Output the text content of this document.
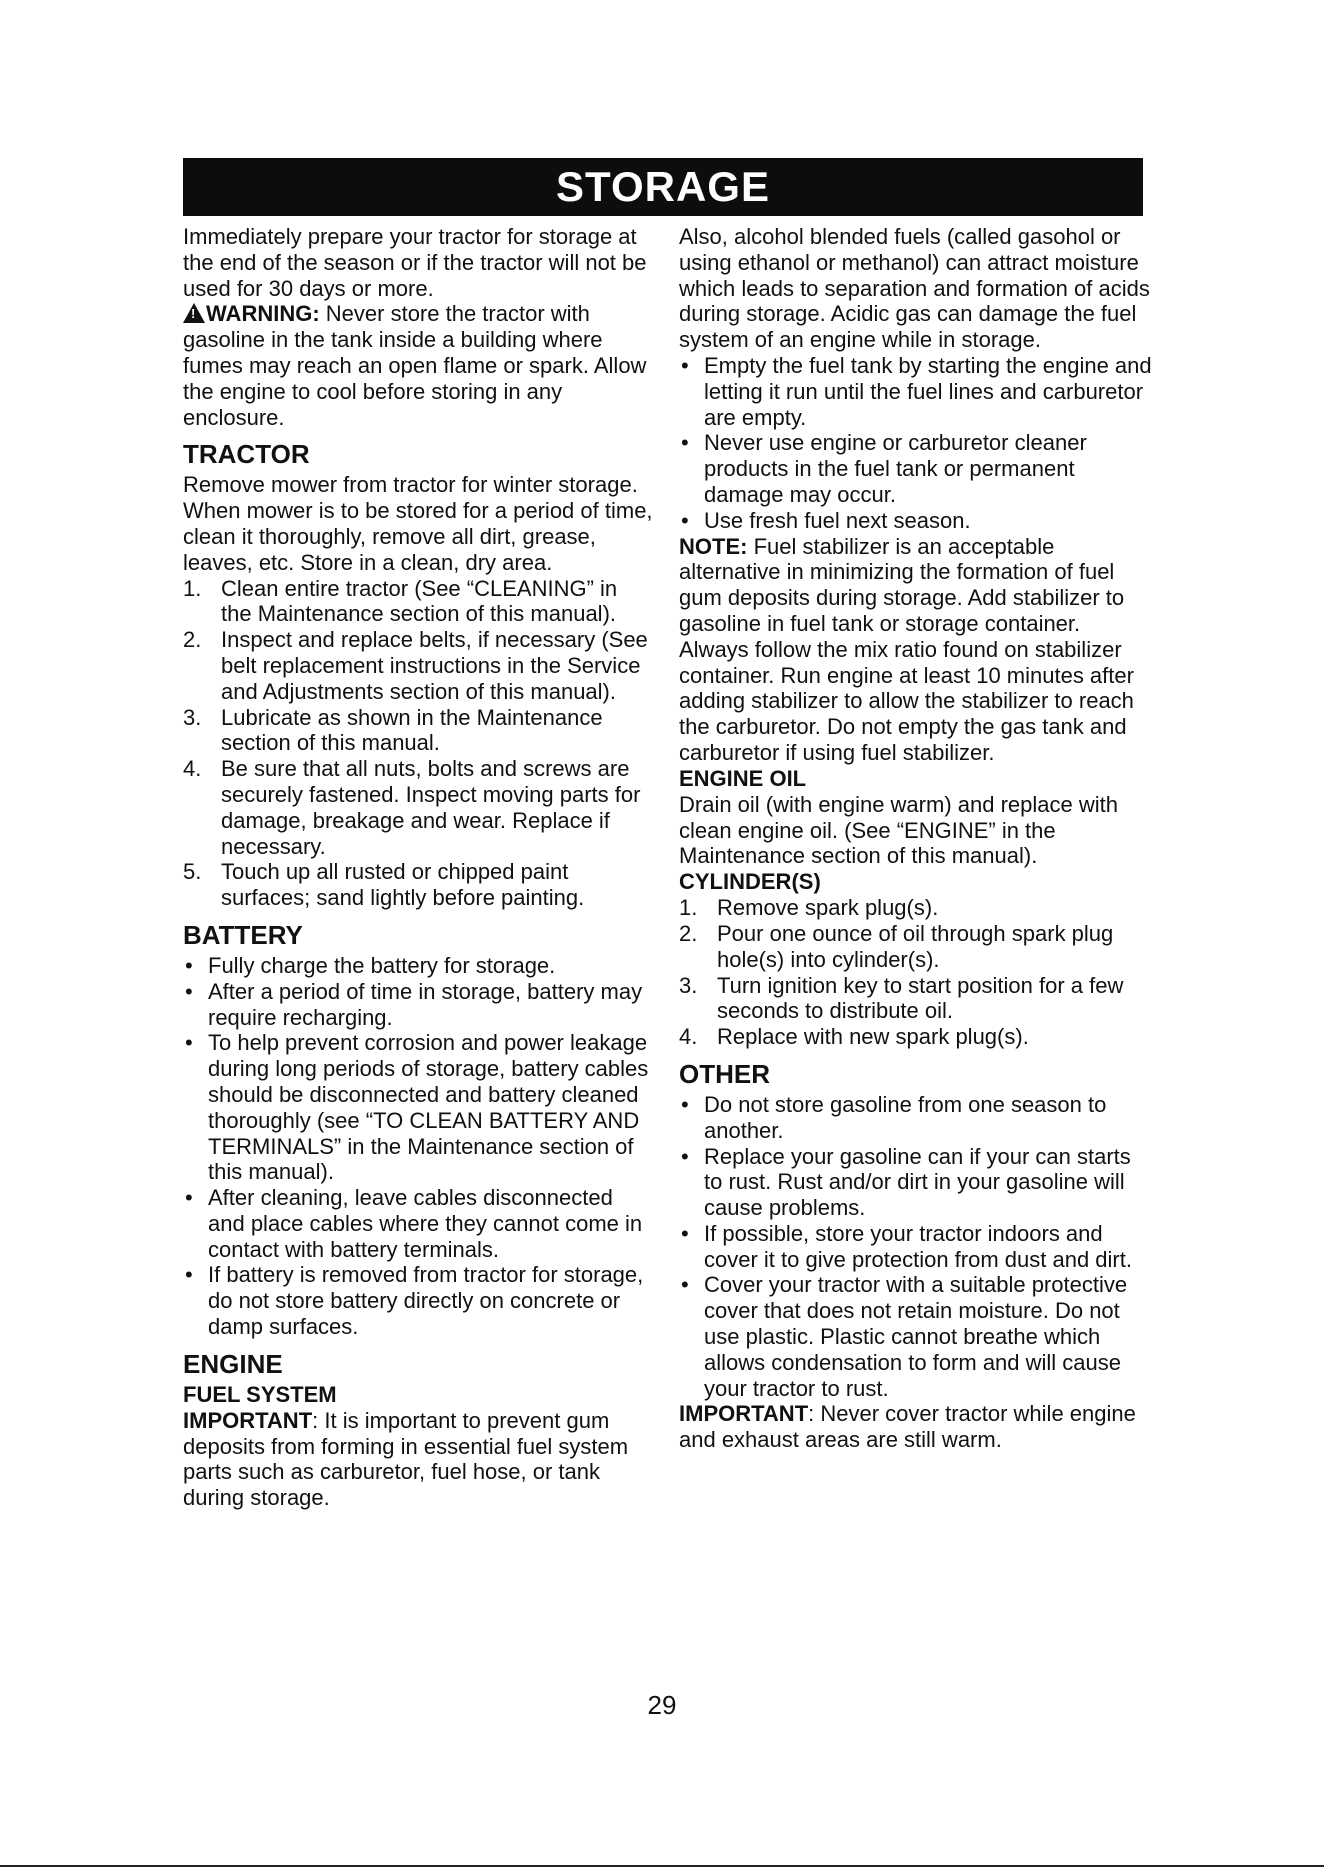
STORAGE

Immediately prepare your tractor for storage at the end of the season or if the tractor will not be used for 30 days or more.

!WARNING: Never store the tractor with gasoline in the tank inside a building where fumes may reach an open flame or spark. Allow the engine to cool before storing in any enclosure.

TRACTOR

Remove mower from tractor for winter storage. When mower is to be stored for a period of time, clean it thoroughly, remove all dirt, grease, leaves, etc. Store in a clean, dry area.

1. Clean entire tractor (See “CLEANING” in the Maintenance section of this manual).
2. Inspect and replace belts, if necessary (See belt replacement instructions in the Service and Adjustments section of this manual).
3. Lubricate as shown in the Maintenance section of this manual.
4. Be sure that all nuts, bolts and screws are securely fastened. Inspect moving parts for damage, breakage and wear. Replace if necessary.
5. Touch up all rusted or chipped paint surfaces; sand lightly before painting.
BATTERY
• Fully charge the battery for storage.
• After a period of time in storage, battery may require recharging.
• To help prevent corrosion and power leakage during long periods of storage, battery cables should be disconnected and battery cleaned thoroughly (see “TO CLEAN BATTERY AND TERMINALS” in the Maintenance section of this manual).
• After cleaning, leave cables disconnected and place cables where they cannot come in contact with battery terminals.
• If battery is removed from tractor for storage, do not store battery directly on concrete or damp surfaces.
ENGINE
FUEL SYSTEM

IMPORTANT: It is important to prevent gum deposits from forming in essential fuel system parts such as carburetor, fuel hose, or tank during storage.

Also, alcohol blended fuels (called gasohol or using ethanol or methanol) can attract moisture which leads to separation and formation of acids during storage. Acidic gas can damage the fuel system of an engine while in storage.

• Empty the fuel tank by starting the engine and letting it run until the fuel lines and carburetor are empty.
• Never use engine or carburetor cleaner products in the fuel tank or permanent damage may occur.
• Use fresh fuel next season.

NOTE: Fuel stabilizer is an acceptable alternative in minimizing the formation of fuel gum deposits during storage. Add stabilizer to gasoline in fuel tank or storage container. Always follow the mix ratio found on stabilizer container. Run engine at least 10 minutes after adding stabilizer to allow the stabilizer to reach the carburetor. Do not empty the gas tank and carburetor if using fuel stabilizer.

ENGINE OIL

Drain oil (with engine warm) and replace with clean engine oil. (See “ENGINE” in the Maintenance section of this manual).

CYLINDER(S)
1. Remove spark plug(s).
2. Pour one ounce of oil through spark plug hole(s) into cylinder(s).
3. Turn ignition key to start position for a few seconds to distribute oil.
4. Replace with new spark plug(s).
OTHER
• Do not store gasoline from one season to another.
• Replace your gasoline can if your can starts to rust. Rust and/or dirt in your gasoline will cause problems.
• If possible, store your tractor indoors and cover it to give protection from dust and dirt.
• Cover your tractor with a suitable protective cover that does not retain moisture. Do not use plastic. Plastic cannot breathe which allows condensation to form and will cause your tractor to rust.

IMPORTANT: Never cover tractor while engine and exhaust areas are still warm.

29
